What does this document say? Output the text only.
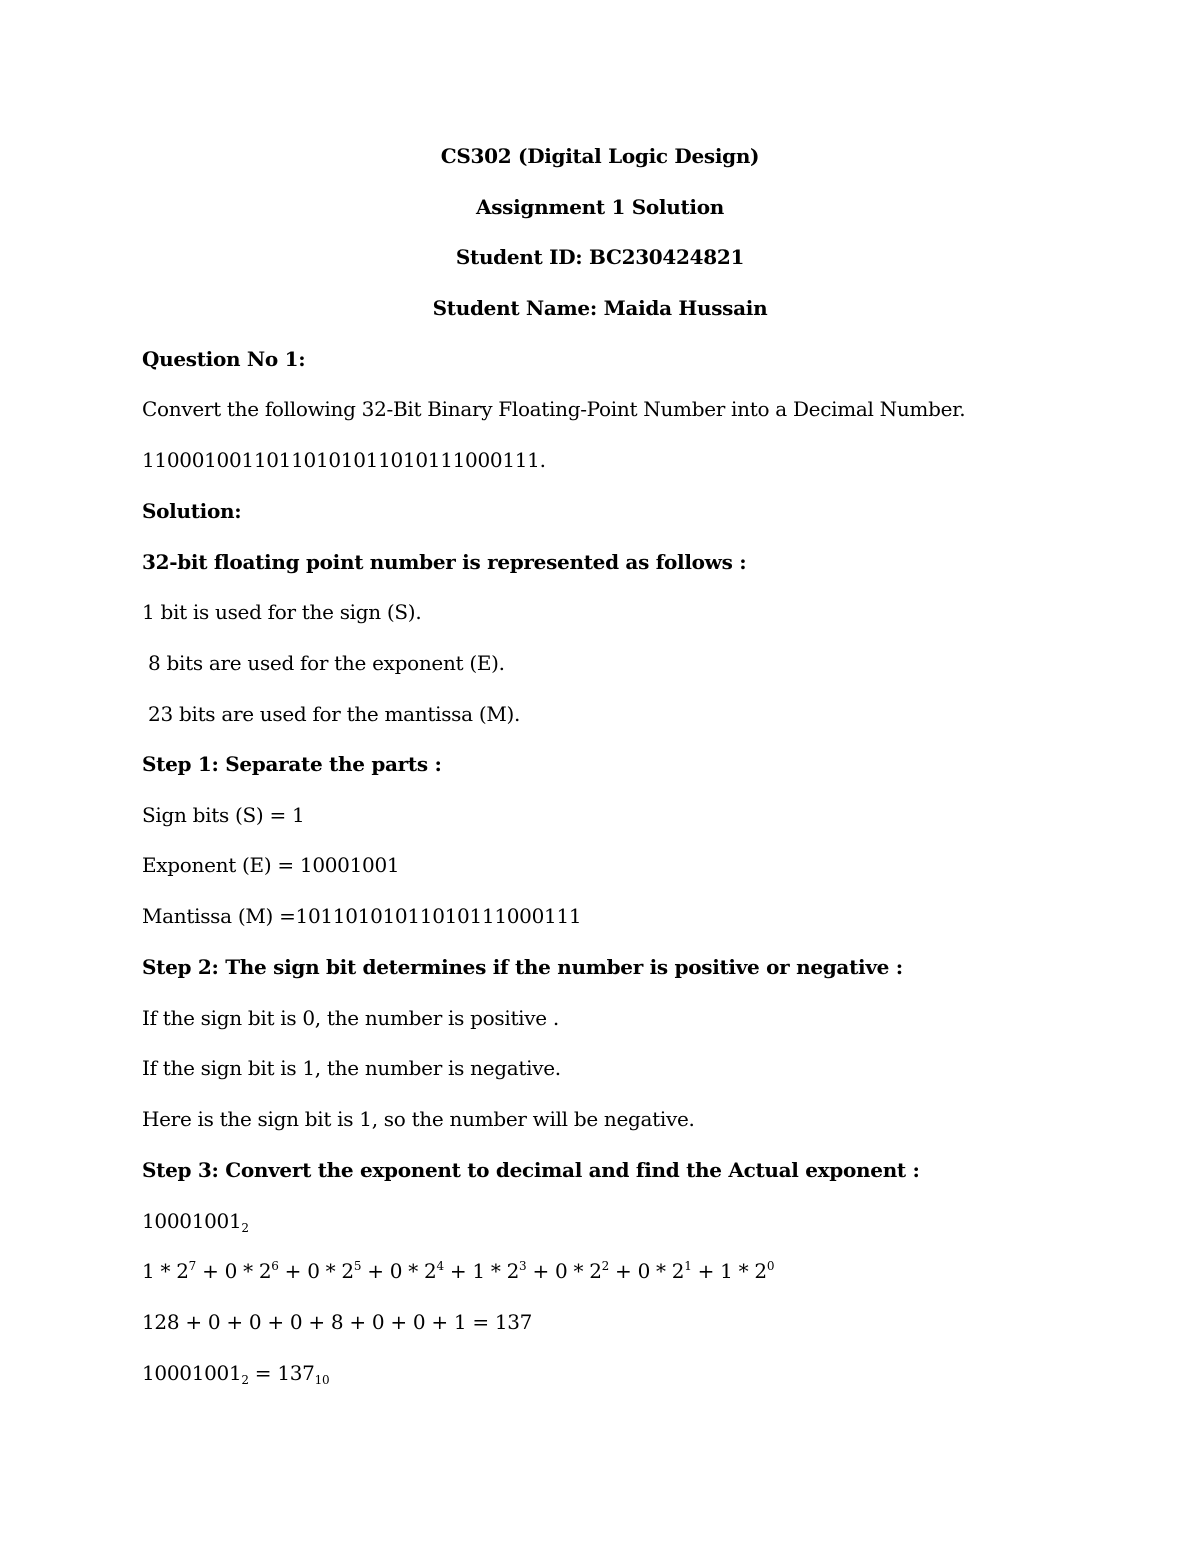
CS302 (Digital Logic Design)
Assignment 1 Solution
Student ID: BC230424821
Student Name: Maida Hussain
Question No 1:
Convert the following 32-Bit Binary Floating-Point Number into a Decimal Number.
11000100110110101011010111000111.
Solution:
32-bit floating point number is represented as follows :
1 bit is used for the sign (S).
8 bits are used for the exponent (E).
23 bits are used for the mantissa (M).
Step 1: Separate the parts :
Sign bits (S) = 1
Exponent (E) = 10001001
Mantissa (M) =10110101011010111000111
Step 2: The sign bit determines if the number is positive or negative :
If the sign bit is 0, the number is positive .
If the sign bit is 1, the number is negative.
Here is the sign bit is 1, so the number will be negative.
Step 3: Convert the exponent to decimal and find the Actual exponent :
$10001001_2$
$1 * 2^7 + 0 * 2^6 + 0 * 2^5 + 0 * 2^4 + 1 * 2^3 + 0 * 2^2 + 0 * 2^1 + 1 * 2^0$
128 + 0 + 0 + 0 + 8 + 0 + 0 + 1 = 137
$10001001_2 = 137_{10}$
